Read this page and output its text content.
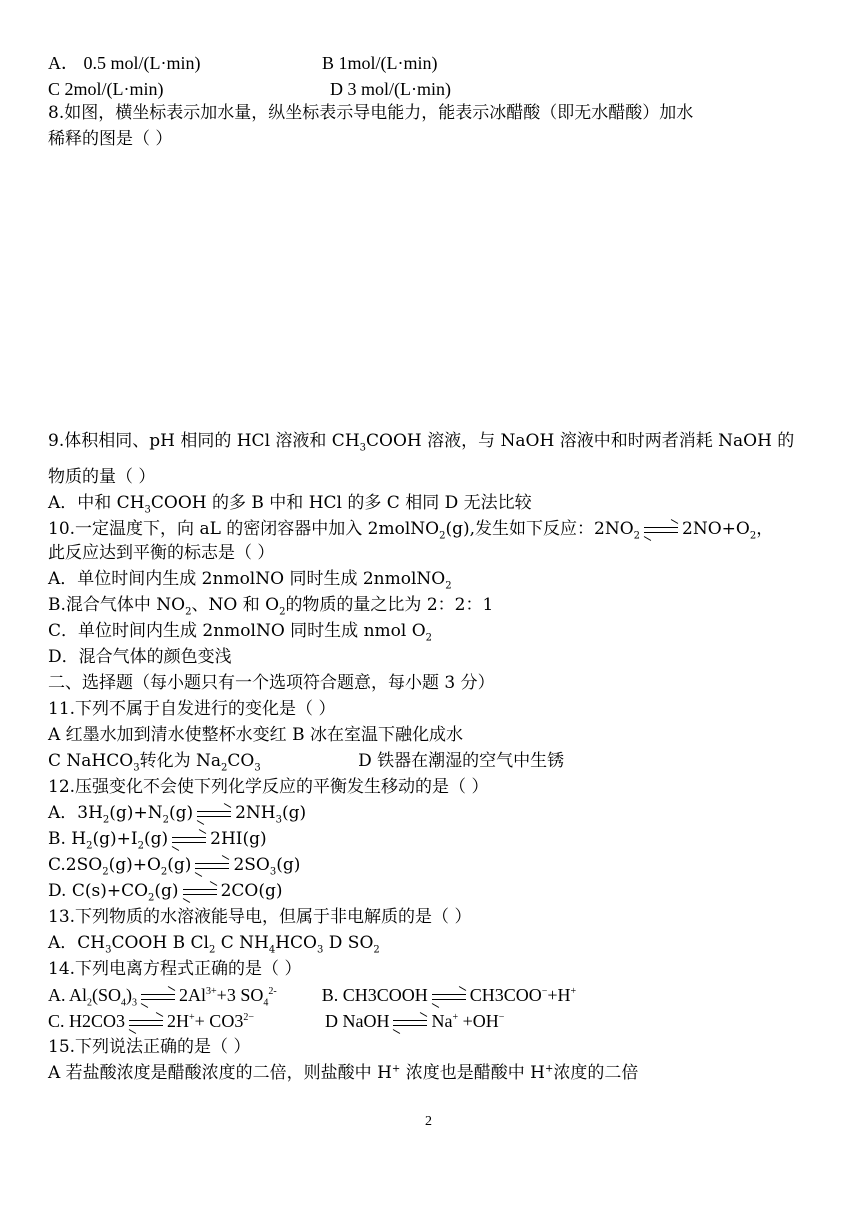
A． 0.5 mol/(L·min)	B 1mol/(L·min)
C 2mol/(L·min)	D 3 mol/(L·min)
8.如图，横坐标表示加水量，纵坐标表示导电能力，能表示冰醋酸（即无水醋酸）加水
稀释的图是（ ）
9.体积相同、pH 相同的 HCl 溶液和 $CH_3COOH$ 溶液，与 NaOH 溶液中和时两者消耗 NaOH 的
物质的量（ ）
A．中和 $CH_3COOH$ 的多 B 中和 HCl 的多 C 相同 D 无法比较
10.一定温度下，向 aL 的密闭容器中加入 2molNO$_2$(g),发生如下反应：$2NO_2$ $2NO+O_2$，
此反应达到平衡的标志是（ ）
A．单位时间内生成 2nmolNO 同时生成 2nmolNO$_2$
B.混合气体中 $NO_2$、NO 和 $O_2$的物质的量之比为 2：2：1
C．单位时间内生成 2nmolNO 同时生成 nmol $O_2$
D．混合气体的颜色变浅
二、选择题（每小题只有一个选项符合题意，每小题 3 分）
11.下列不属于自发进行的变化是（ ）
A 红墨水加到清水使整杯水变红 B 冰在室温下融化成水
C NaHCO$_3$转化为 $Na_2CO_3$	D 铁器在潮湿的空气中生锈
12.压强变化不会使下列化学反应的平衡发生移动的是（ ）
A．$3H_2(g)+N_2(g)$ $2NH_3(g)$
B. $H_2(g)+I_2(g)$ 2HI(g)
$C.2SO_2(g)+O_2(g)$ $2SO_3(g)$
D. $C(s)+CO_2(g)$ 2CO(g)
13.下列物质的水溶液能导电，但属于非电解质的是（ ）
A．$CH_3COOH$ B $Cl_2$ C $NH_4HCO_3$ D $SO_2$
14.下列电离方程式正确的是（ ）
A. $Al_2(SO_4)_3$ $2Al^{3+}+3$ $SO_4^{2-}$	B. CH3COOH CH3COO−+H+
C. H2CO3 $2H^++ CO3^{2-}$	D NaOH Na+ +OH−
15.下列说法正确的是（ ）
A 若盐酸浓度是醋酸浓度的二倍，则盐酸中 H+ 浓度也是醋酸中 H+浓度的二倍
2
